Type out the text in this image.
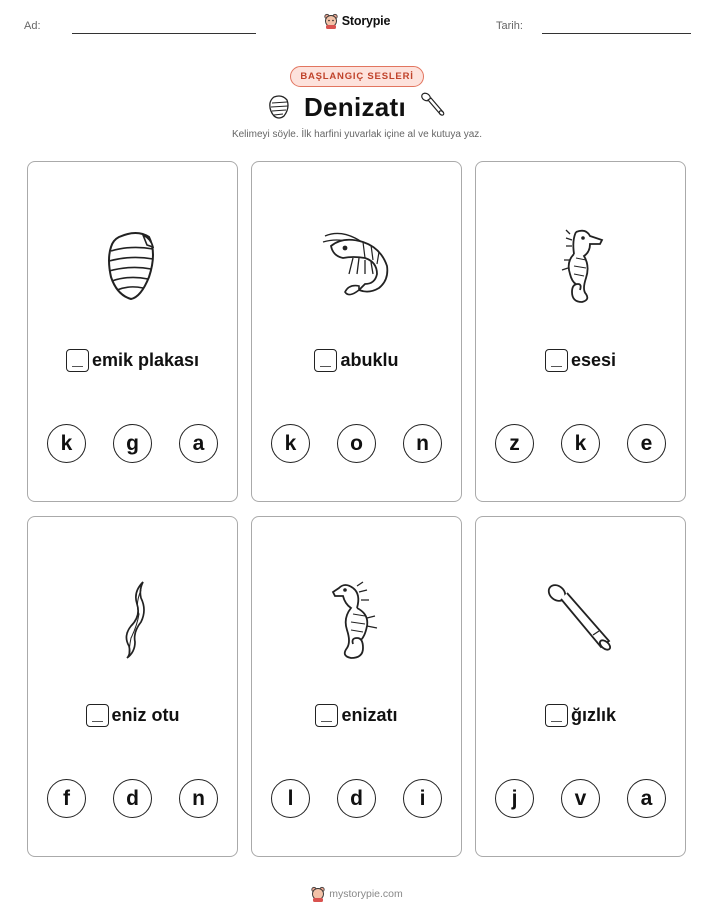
Ad:	Storypie	Tarih:
BAŞLANGIÇ SESLERİ
Denizatı
Kelimeyi söyle. İlk harfini yuvarlak içine al ve kutuya yaz.
emik plakası
k	g	a
abuklu
k	o	n
esesi
z	k	e
eniz otu
f	d	n
enizatı
l	d	i
ğızlık
j	v	a
mystorypie.com
